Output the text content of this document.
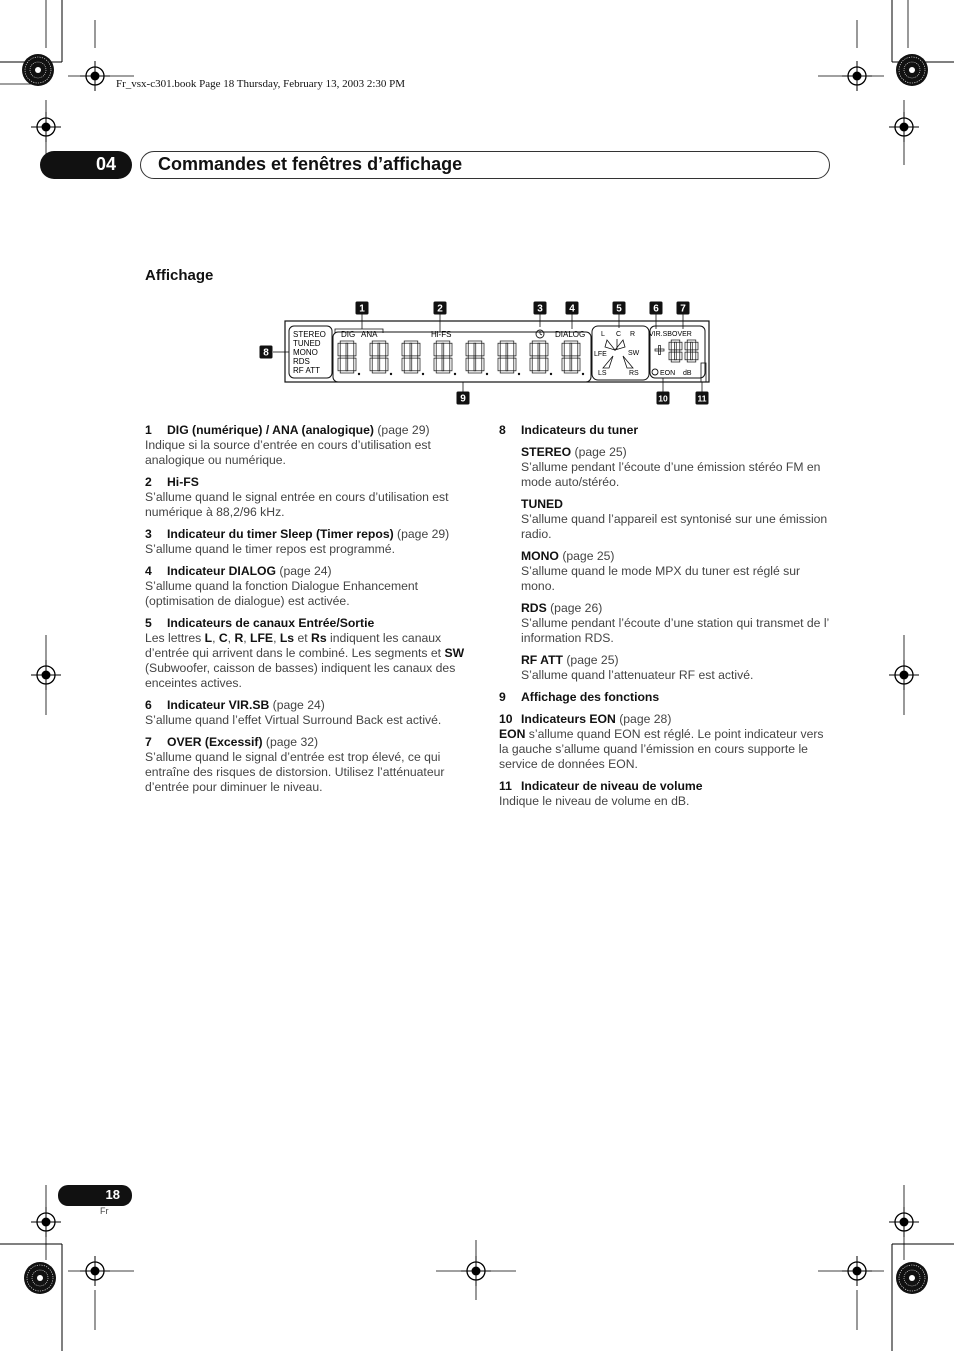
Fr_vsx-c301.book Page 18 Thursday, February 13, 2003 2:30 PM
04	Commandes et fenêtres d’affichage
Affichage
STEREO
TUNED
MONO
RDS
RF ATT
DIG ANA	Hi-FS	DIALOG L C R
LFE	SW
LS	RS
VIR.SB OVER
EON dB
1	2	3	4	5	6 7
8
9	10	11
1 DIG (numérique) / ANA (analogique) (page 29)
Indique si la source d’entrée en cours d’utilisation est analogique ou numérique.
2 Hi-FS
S’allume quand le signal entrée en cours d’utilisation est numérique à 88,2/96 kHz.
3 Indicateur du timer Sleep (Timer repos) (page 29)
S’allume quand le timer repos est programmé.
4 Indicateur DIALOG (page 24)
S’allume quand la fonction Dialogue Enhancement (optimisation de dialogue) est activée.
5 Indicateurs de canaux Entrée/Sortie
Les lettres L, C, R, LFE, Ls et Rs indiquent les canaux d’entrée qui arrivent dans le combiné. Les segments et SW (Subwoofer, caisson de basses) indiquent les canaux des enceintes actives.
6 Indicateur VIR.SB (page 24)
S’allume quand l’effet Virtual Surround Back est activé.
7 OVER (Excessif) (page 32)
S’allume quand le signal d’entrée est trop élevé, ce qui entraîne des risques de distorsion. Utilisez l’atténuateur d’entrée pour diminuer le niveau.
8 Indicateurs du tuner
STEREO (page 25)
S’allume pendant l’écoute d’une émission stéréo FM en mode auto/stéréo.
TUNED
S’allume quand l’appareil est syntonisé sur une émission radio.
MONO (page 25)
S’allume quand le mode MPX du tuner est réglé sur mono.
RDS (page 26)
S’allume pendant l’écoute d’une station qui transmet de l’ information RDS.
RF ATT (page 25)
S’allume quand l’attenuateur RF est activé.
9 Affichage des fonctions
10 Indicateurs EON (page 28)
EON s’allume quand EON est réglé. Le point indicateur vers la gauche s’allume quand l’émission en cours supporte le service de données EON.
11 Indicateur de niveau de volume
Indique le niveau de volume en dB.
18
Fr
